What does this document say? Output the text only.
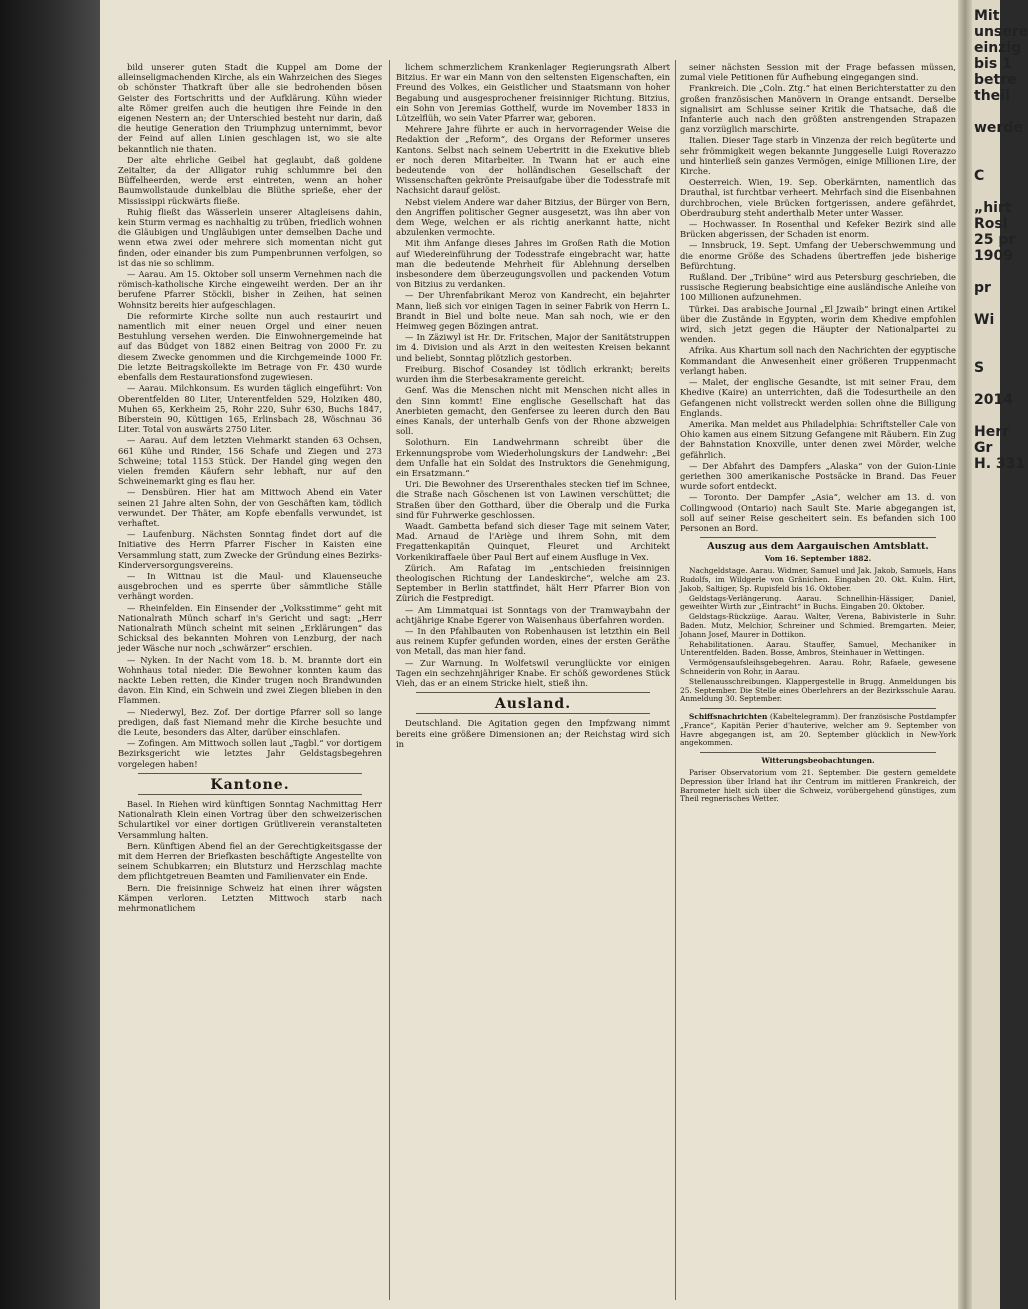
Mit
unsere
einzig
bis 1
betre
theil
werde
C
„hirt
Rosl
25 pr
1909
pr
Wi
S
2014
Herr
Gr
H. 331

bild unserer guten Stadt die Kuppel am Dome der alleinseligmachenden Kirche, als ein Wahrzeichen des Sieges ob schönster Thatkraft über alle sie bedrohenden bösen Geister des Fortschritts und der Aufklärung. Kühn wieder alte Römer greifen auch die heutigen ihre Feinde in den eigenen Nestern an; der Unterschied besteht nur darin, daß die heutige Generation den Triumphzug unternimmt, bevor der Feind auf allen Linien geschlagen ist, wo sie alte bekanntlich nie thaten.

Der alte ehrliche Geibel hat geglaubt, daß goldene Zeitalter, da der Alligator ruhig schlummre bei den Büffelheerden, werde erst eintreten, wenn an hoher Baumwollstaude dunkelblau die Blüthe sprieße, eher der Mississippi rückwärts fließe.

Ruhig fließt das Wässerlein unserer Altagleisens dahin, kein Sturm vermag es nachhaltig zu trüben, friedlich wohnen die Gläubigen und Ungläubigen unter demselben Dache und wenn etwa zwei oder mehrere sich momentan nicht gut finden, oder einander bis zum Pumpenbrunnen verfolgen, so ist das nie so schlimm.

— Aarau. Am 15. Oktober soll unserm Vernehmen nach die römisch-katholische Kirche eingeweiht werden. Der an ihr berufene Pfarrer Stöckli, bisher in Zeihen, hat seinen Wohnsitz bereits hier aufgeschlagen.

Die reformirte Kirche sollte nun auch restaurirt und namentlich mit einer neuen Orgel und einer neuen Bestuhlung versehen werden. Die Einwohnergemeinde hat auf das Büdget von 1882 einen Beitrag von 2000 Fr. zu diesem Zwecke genommen und die Kirchgemeinde 1000 Fr. Die letzte Beitragskollekte im Betrage von Fr. 430 wurde ebenfalls dem Restaurationsfond zugewiesen.

— Aarau. Milchkonsum. Es wurden täglich eingeführt: Von Oberentfelden 80 Liter, Unterentfelden 529, Holziken 480, Muhen 65, Kerkheim 25, Rohr 220, Suhr 630, Buchs 1847, Biberstein 90, Küttigen 165, Erlinsbach 28, Wöschnau 36 Liter. Total von auswärts 2750 Liter.

— Aarau. Auf dem letzten Viehmarkt standen 63 Ochsen, 661 Kühe und Rinder, 156 Schafe und Ziegen und 273 Schweine; total 1153 Stück. Der Handel ging wegen den vielen fremden Käufern sehr lebhaft, nur auf den Schweinemarkt ging es flau her.

— Densbüren. Hier hat am Mittwoch Abend ein Vater seinen 21 Jahre alten Sohn, der von Geschäften kam, tödlich verwundet. Der Thäter, am Kopfe ebenfalls verwundet, ist verhaftet.

— Laufenburg. Nächsten Sonntag findet dort auf die Initiative des Herrn Pfarrer Fischer in Kaisten eine Versammlung statt, zum Zwecke der Gründung eines Bezirks-Kinderversorgungsvereins.

— In Wittnau ist die Maul- und Klauenseuche ausgebrochen und es sperrte über sämmtliche Ställe verhängt worden.

— Rheinfelden. Ein Einsender der „Volksstimme“ geht mit Nationalrath Münch scharf in's Gericht und sagt: „Herr Nationalrath Münch scheint mit seinen „Erklärungen“ das Schicksal des bekannten Mohren von Lenzburg, der nach jeder Wäsche nur noch „schwärzer“ erschien.

— Nyken. In der Nacht vom 18. b. M. brannte dort ein Wohnhaus total nieder. Die Bewohner konnten kaum das nackte Leben retten, die Kinder trugen noch Brandwunden davon. Ein Kind, ein Schwein und zwei Ziegen blieben in den Flammen.

— Niederwyl, Bez. Zof. Der dortige Pfarrer soll so lange predigen, daß fast Niemand mehr die Kirche besuchte und die Leute, besonders das Alter, darüber einschlafen.

— Zofingen. Am Mittwoch sollen laut „Tagbl.“ vor dortigem Bezirksgericht wie letztes Jahr Geldstagsbegehren vorgelegen haben!

Kantone.

Basel. In Riehen wird künftigen Sonntag Nachmittag Herr Nationalrath Klein einen Vortrag über den schweizerischen Schulartikel vor einer dortigen Grütliverein veranstalteten Versammlung halten.

Bern. Künftigen Abend fiel an der Gerechtigkeitsgasse der mit dem Herren der Briefkasten beschäftigte Angestellte von seinem Schubkarren; ein Blutsturz und Herzschlag machte dem pflichtgetreuen Beamten und Familienvater ein Ende.

Bern. Die freisinnige Schweiz hat einen ihrer wägsten Kämpen verloren. Letzten Mittwoch starb nach mehrmonatlichem

lichem schmerzlichem Krankenlager Regierungsrath Albert Bitzius. Er war ein Mann von den seltensten Eigenschaften, ein Freund des Volkes, ein Geistlicher und Staatsmann von hoher Begabung und ausgesprochener freisinniger Richtung. Bitzius, ein Sohn von Jeremias Gotthelf, wurde im November 1833 in Lützelflüh, wo sein Vater Pfarrer war, geboren.

Mehrere Jahre führte er auch in hervorragender Weise die Redaktion der „Reform“, des Organs der Reformer unseres Kantons. Selbst nach seinem Uebertritt in die Exekutive blieb er noch deren Mitarbeiter. In Twann hat er auch eine bedeutende von der holländischen Gesellschaft der Wissenschaften gekrönte Preisaufgabe über die Todesstrafe mit Nachsicht darauf gelöst.

Nebst vielem Andere war daher Bitzius, der Bürger von Bern, den Angriffen politischer Gegner ausgesetzt, was ihn aber von dem Wege, welchen er als richtig anerkannt hatte, nicht abzulenken vermochte.

Mit ihm Anfange dieses Jahres im Großen Rath die Motion auf Wiedereinführung der Todesstrafe eingebracht war, hatte man die bedeutende Mehrheit für Ablehnung derselben insbesondere dem überzeugungsvollen und packenden Votum von Bitzius zu verdanken.

— Der Uhrenfabrikant Meroz von Kandrecht, ein bejahrter Mann, ließ sich vor einigen Tagen in seiner Fabrik von Herrn L. Brandt in Biel und bolte neue. Man sah noch, wie er den Heimweg gegen Bözingen antrat.

— In Zäziwyl ist Hr. Dr. Fritschen, Major der Sanitätstruppen im 4. Division und als Arzt in den weitesten Kreisen bekannt und beliebt, Sonntag plötzlich gestorben.

Freiburg. Bischof Cosandey ist tödlich erkrankt; bereits wurden ihm die Sterbesakramente gereicht.

Genf. Was die Menschen nicht mit Menschen nicht alles in den Sinn kommt! Eine englische Gesellschaft hat das Anerbieten gemacht, den Genfersee zu leeren durch den Bau eines Kanals, der unterhalb Genfs von der Rhone abzweigen soll.

Solothurn. Ein Landwehrmann schreibt über die Erkennungsprobe vom Wiederholungskurs der Landwehr: „Bei dem Unfalle hat ein Soldat des Instruktors die Genehmigung, ein Ersatzmann.“

Uri. Die Bewohner des Urserenthales stecken tief im Schnee, die Straße nach Göschenen ist von Lawinen verschüttet; die Straßen über den Gotthard, über die Oberalp und die Furka sind für Fuhrwerke geschlossen.

Waadt. Gambetta befand sich dieser Tage mit seinem Vater, Mad. Arnaud de l'Ariège und ihrem Sohn, mit dem Fregattenkapitän Quinquet, Fleuret und Architekt Vorkenikiraffaele über Paul Bert auf einem Ausfluge in Vex.

Zürich. Am Rafatag im „entschieden freisinnigen theologischen Richtung der Landeskirche“, welche am 23. September in Berlin stattfindet, hält Herr Pfarrer Bion von Zürich die Festpredigt.

— Am Limmatquai ist Sonntags von der Tramwaybahn der achtjährige Knabe Egerer von Waisenhaus überfahren worden.

— In den Pfahlbauten von Robenhausen ist letzthin ein Beil aus reinem Kupfer gefunden worden, eines der ersten Geräthe von Metall, das man hier fand.

— Zur Warnung. In Wolfetswil verunglückte vor einigen Tagen ein sechzehnjähriger Knabe. Er schöß gewordenes Stück Vieh, das er an einem Stricke hielt, stieß ihn.

Ausland.

Deutschland. Die Agitation gegen den Impfzwang nimmt bereits eine größere Dimensionen an; der Reichstag wird sich in

seiner nächsten Session mit der Frage befassen müssen, zumal viele Petitionen für Aufhebung eingegangen sind.

Frankreich. Die „Coln. Ztg.“ hat einen Berichterstatter zu den großen französischen Manövern in Orange entsandt. Derselbe signalisirt am Schlusse seiner Kritik die Thatsache, daß die Infanterie auch nach den größten anstrengenden Strapazen ganz vorzüglich marschirte.

Italien. Dieser Tage starb in Vinzenza der reich begüterte und sehr frömmigkeit wegen bekannte Junggeselle Luigi Roverazzo und hinterließ sein ganzes Vermögen, einige Millionen Lire, der Kirche.

Oesterreich. Wien, 19. Sep. Oberkärnten, namentlich das Drauthal, ist furchtbar verheert. Mehrfach sind die Eisenbahnen durchbrochen, viele Brücken fortgerissen, andere gefährdet, Oberdrauburg steht anderthalb Meter unter Wasser.

— Hochwasser. In Rosenthal und Kefeker Bezirk sind alle Brücken abgerissen, der Schaden ist enorm.

— Innsbruck, 19. Sept. Umfang der Ueberschwemmung und die enorme Größe des Schadens übertreffen jede bisherige Befürchtung.

Rußland. Der „Tribüne“ wird aus Petersburg geschrieben, die russische Regierung beabsichtige eine ausländische Anleihe von 100 Millionen aufzunehmen.

Türkei. Das arabische Journal „El Jzwaib“ bringt einen Artikel über die Zustände in Egypten, worin dem Khedive empfohlen wird, sich jetzt gegen die Häupter der Nationalpartei zu wenden.

Afrika. Aus Khartum soll nach den Nachrichten der egyptische Kommandant die Anwesenheit einer größeren Truppenmacht verlangt haben.

— Malet, der englische Gesandte, ist mit seiner Frau, dem Khedive (Kaire) an unterrichten, daß die Todesurtheile an den Gefangenen nicht vollstreckt werden sollen ohne die Billigung Englands.

Amerika. Man meldet aus Philadelphia: Schriftsteller Cale von Ohio kamen aus einem Sitzung Gefangene mit Räubern. Ein Zug der Bahnstation Knoxville, unter denen zwei Mörder, welche gefährlich.

— Der Abfahrt des Dampfers „Alaska“ von der Guion-Linie geriethen 300 amerikanische Postsäcke in Brand. Das Feuer wurde sofort entdeckt.

— Toronto. Der Dampfer „Asia“, welcher am 13. d. von Collingwood (Ontario) nach Sault Ste. Marie abgegangen ist, soll auf seiner Reise gescheitert sein. Es befanden sich 100 Personen an Bord.

Auszug aus dem Aargauischen Amtsblatt.
Vom 16. September 1882.

Nachgeldstage. Aarau. Widmer, Samuel und Jak. Jakob, Samuels, Hans Rudolfs, im Wildgerle von Gränichen. Eingaben 20. Okt. Kulm. Hirt, Jakob, Saltiger, Sp. Rupisfeld bis 16. Oktober.

Geldstags-Verlängerung. Aarau. Schnellhin-Hässiger, Daniel, geweihter Wirth zur „Eintracht“ in Buchs. Eingaben 20. Oktober.

Geldstags-Rückzüge. Aarau. Walter, Verena, Babivisterle in Suhr. Baden. Mutz, Melchior, Schreiner und Schmied. Bremgarten. Meier, Johann Josef, Maurer in Dottikon.

Rehabilitationen. Aarau. Stauffer, Samuel, Mechaniker in Unterentfelden. Baden. Bosse, Ambros, Steinhauer in Wettingen.

Vermögensaufsleihsgebegehren. Aarau. Rohr, Rafaele, gewesene Schneiderin von Rohr, in Aarau.

Stellenausschreibungen. Klappergestelle in Brugg. Anmeldungen bis 25. September. Die Stelle eines Oberlehrers an der Bezirksschule Aarau. Anmeldung 30. September.

Schiffsnachrichten (Kabeltelegramm). Der französische Postdampfer „France“, Kapitän Perier d'hauterive, welcher am 9. September von Havre abgegangen ist, am 20. September glücklich in New-York angekommen.

Witterungsbeobachtungen.

Pariser Observatorium vom 21. September. Die gestern gemeldete Depression über Irland hat ihr Centrum im mittleren Frankreich, der Barometer hielt sich über die Schweiz, vorübergehend günstiges, zum Theil regnerisches Wetter.
